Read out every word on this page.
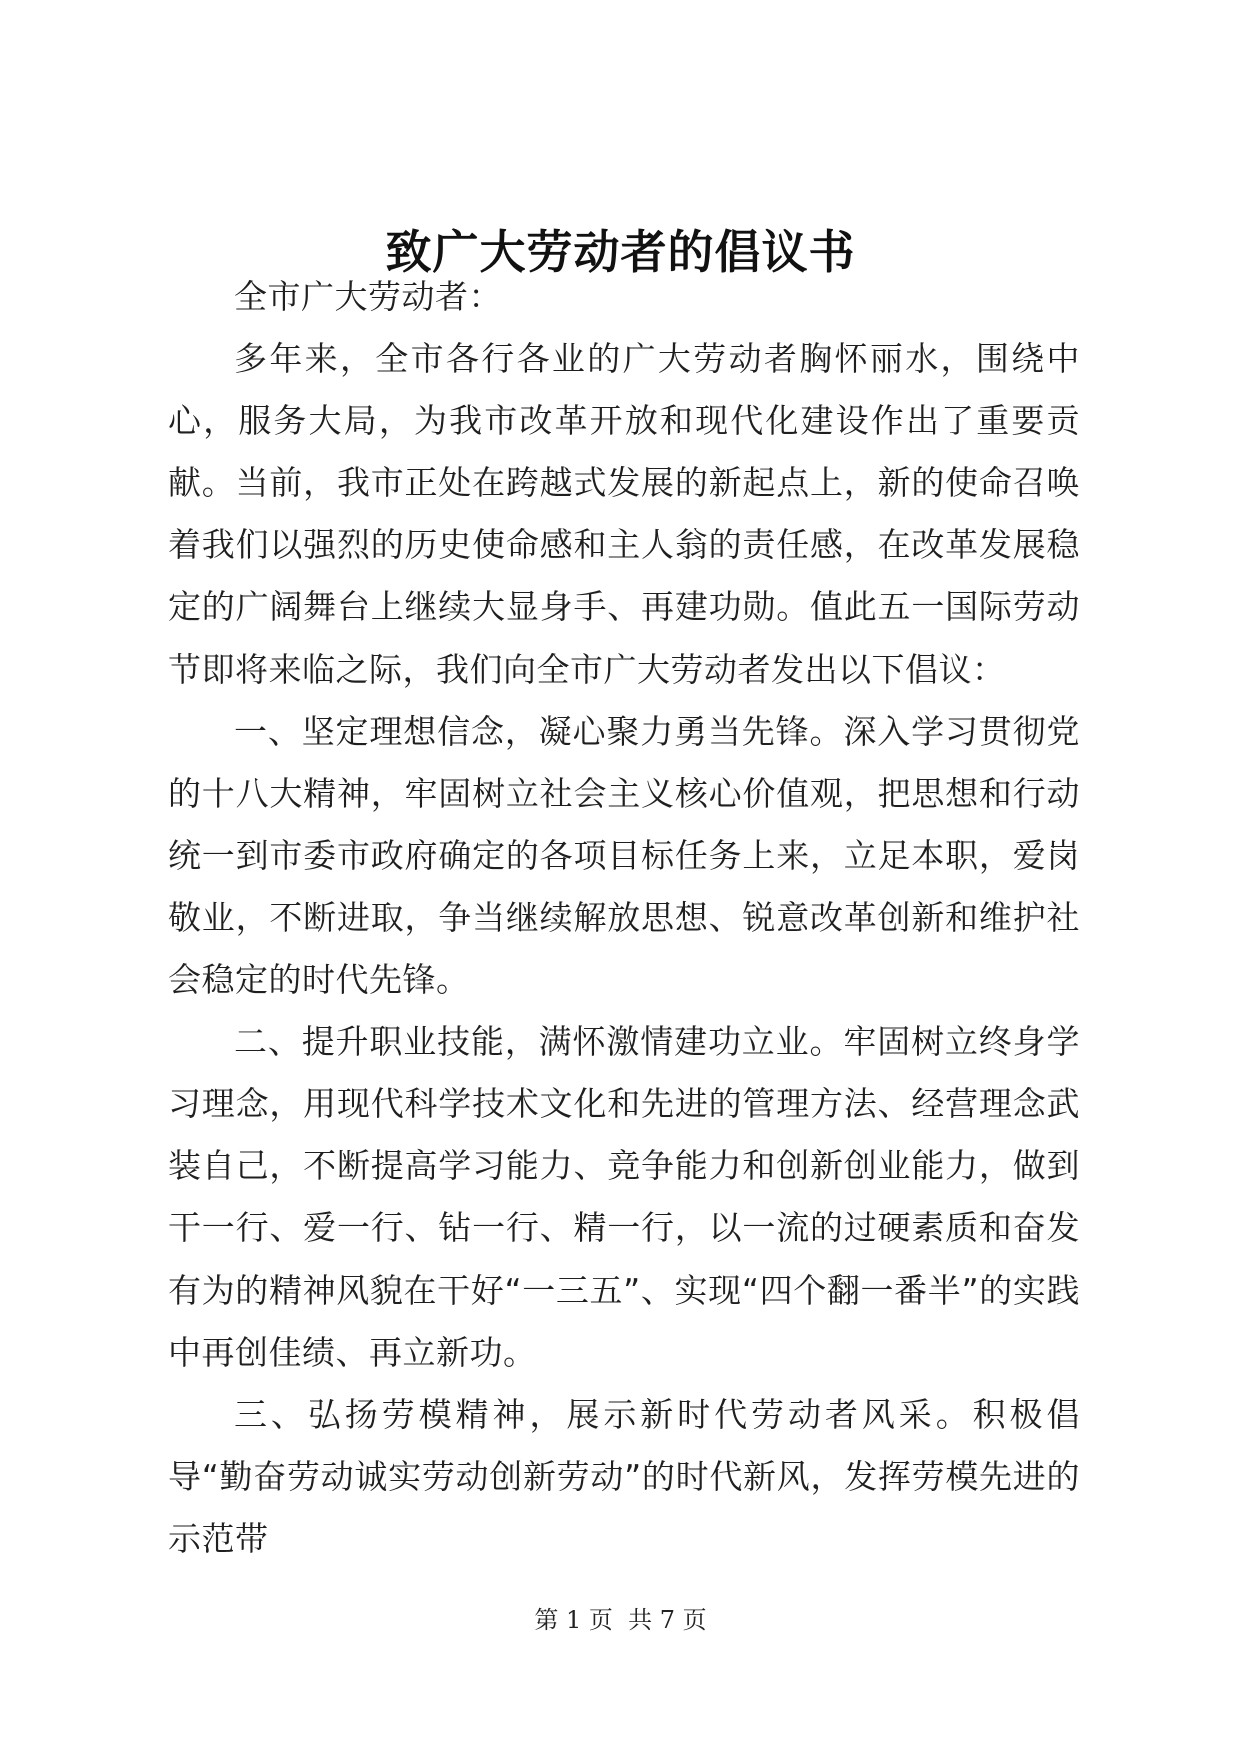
致广大劳动者的倡议书

全市广大劳动者：

多年来，全市各行各业的广大劳动者胸怀丽水，围绕中心，服务大局，为我市改革开放和现代化建设作出了重要贡献。当前，我市正处在跨越式发展的新起点上，新的使命召唤着我们以强烈的历史使命感和主人翁的责任感，在改革发展稳定的广阔舞台上继续大显身手、再建功勋。值此五一国际劳动节即将来临之际，我们向全市广大劳动者发出以下倡议：

一、坚定理想信念，凝心聚力勇当先锋。深入学习贯彻党的十八大精神，牢固树立社会主义核心价值观，把思想和行动统一到市委市政府确定的各项目标任务上来，立足本职，爱岗敬业，不断进取，争当继续解放思想、锐意改革创新和维护社会稳定的时代先锋。

二、提升职业技能，满怀激情建功立业。牢固树立终身学习理念，用现代科学技术文化和先进的管理方法、经营理念武装自己，不断提高学习能力、竞争能力和创新创业能力，做到干一行、爱一行、钻一行、精一行，以一流的过硬素质和奋发有为的精神风貌在干好“一三五”、实现“四个翻一番半”的实践中再创佳绩、再立新功。

三、弘扬劳模精神，展示新时代劳动者风采。积极倡导“勤奋劳动诚实劳动创新劳动”的时代新风，发挥劳模先进的示范带

第 1 页  共 7 页
